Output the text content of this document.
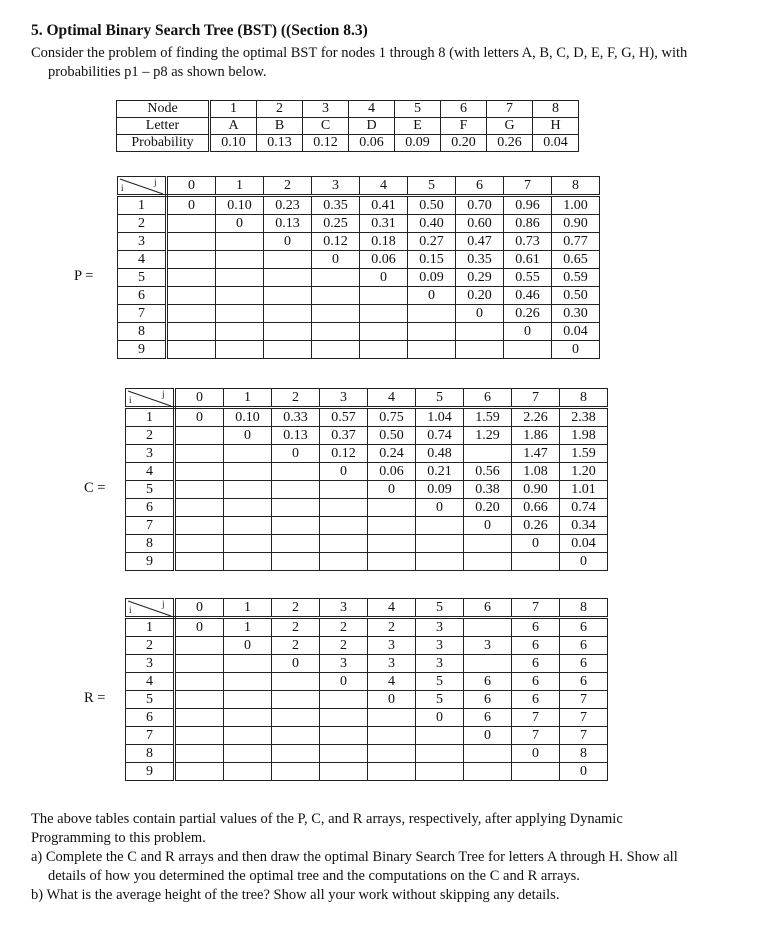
5. Optimal Binary Search Tree (BST) ((Section 8.3)
Consider the problem of finding the optimal BST for nodes 1 through 8 (with letters A, B, C, D, E, F, G, H), with
probabilities p1 – p8 as shown below.
Node	1	2	3	4	5	6	7	8
Letter	A	B	C	D	E	F	G	H
Probability	0.10	0.13	0.12	0.06	0.09	0.20	0.26	0.04
P =
j
i	0	1	2	3	4	5	6	7	8
1	0	0.10	0.23	0.35	0.41	0.50	0.70	0.96	1.00
2		0	0.13	0.25	0.31	0.40	0.60	0.86	0.90
3			0	0.12	0.18	0.27	0.47	0.73	0.77
4				0	0.06	0.15	0.35	0.61	0.65
5					0	0.09	0.29	0.55	0.59
6						0	0.20	0.46	0.50
7							0	0.26	0.30
8								0	0.04
9									0
C =
j
i	0	1	2	3	4	5	6	7	8
1	0	0.10	0.33	0.57	0.75	1.04	1.59	2.26	2.38
2		0	0.13	0.37	0.50	0.74	1.29	1.86	1.98
3			0	0.12	0.24	0.48		1.47	1.59
4				0	0.06	0.21	0.56	1.08	1.20
5					0	0.09	0.38	0.90	1.01
6						0	0.20	0.66	0.74
7							0	0.26	0.34
8								0	0.04
9									0
R =
j
i	0	1	2	3	4	5	6	7	8
1	0	1	2	2	2	3		6	6
2		0	2	2	3	3	3	6	6
3			0	3	3	3		6	6
4				0	4	5	6	6	6
5					0	5	6	6	7
6						0	6	7	7
7							0	7	7
8								0	8
9									0
The above tables contain partial values of the P, C, and R arrays, respectively, after applying Dynamic
Programming to this problem.
a) Complete the C and R arrays and then draw the optimal Binary Search Tree for letters A through H. Show all
details of how you determined the optimal tree and the computations on the C and R arrays.
b) What is the average height of the tree? Show all your work without skipping any details.
